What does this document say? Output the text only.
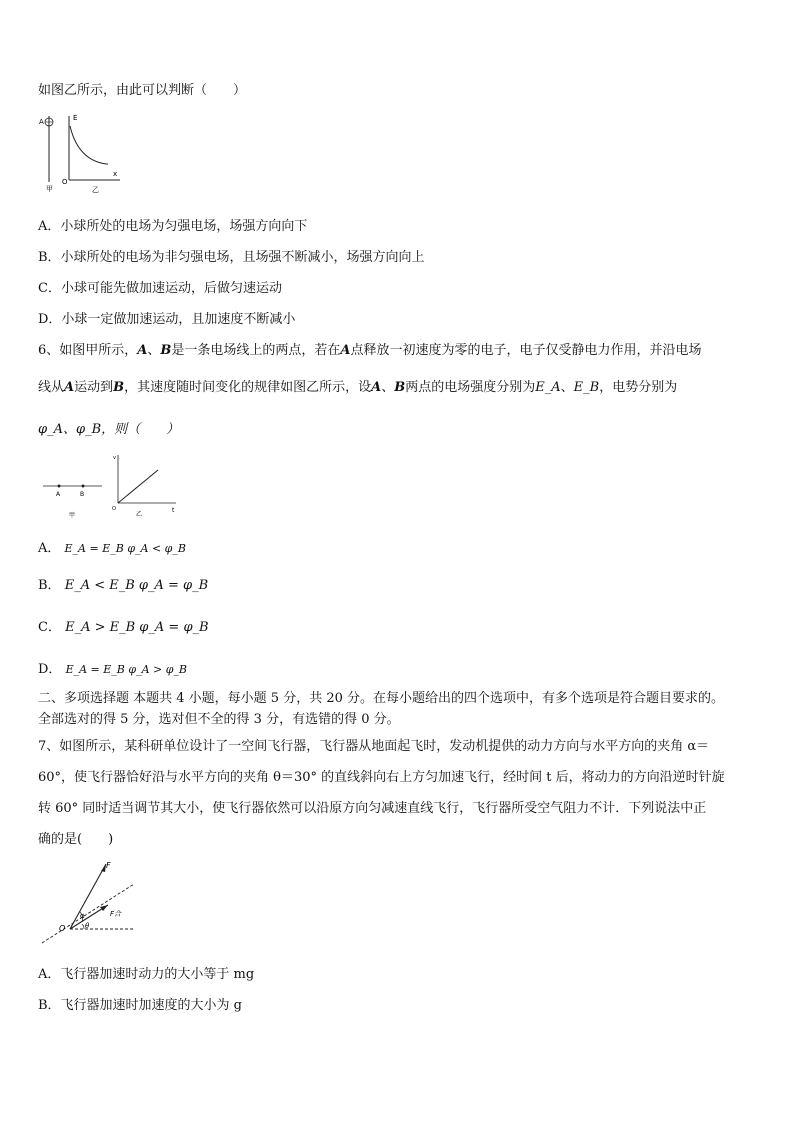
如图乙所示，由此可以判断（　　）
A
甲
E
O
x
乙
A．小球所处的电场为匀强电场，场强方向向下
B．小球所处的电场为非匀强电场，且场强不断减小，场强方向向上
C．小球可能先做加速运动，后做匀速运动
D．小球一定做加速运动，且加速度不断减小
6、如图甲所示，A、B是一条电场线上的两点，若在A点释放一初速度为零的电子，电子仅受静电力作用，并沿电场
线从A运动到B，其速度随时间变化的规律如图乙所示，设A、B两点的电场强度分别为E_A、E_B，电势分别为
φ_A、φ_B，则（　　）
A	B
甲
v
O	t
乙
A． E_A = E_B φ_A < φ_B
B． E_A < E_B φ_A = φ_B
C． E_A > E_B φ_A = φ_B
D． E_A = E_B φ_A > φ_B
二、多项选择题 本题共 4 小题，每小题 5 分，共 20 分。在每小题给出的四个选项中，有多个选项是符合题目要求的。
全部选对的得 5 分，选对但不全的得 3 分，有选错的得 0 分。
7、如图所示，某科研单位设计了一空间飞行器，飞行器从地面起飞时，发动机提供的动力方向与水平方向的夹角 α＝
60°，使飞行器恰好沿与水平方向的夹角 θ＝30° 的直线斜向右上方匀加速飞行，经时间 t 后，将动力的方向沿逆时针旋
转 60° 同时适当调节其大小，使飞行器依然可以沿原方向匀减速直线飞行，飞行器所受空气阻力不计．下列说法中正
确的是(　　)
F
O
α
θ
F合
A．飞行器加速时动力的大小等于 mg
B．飞行器加速时加速度的大小为 g
